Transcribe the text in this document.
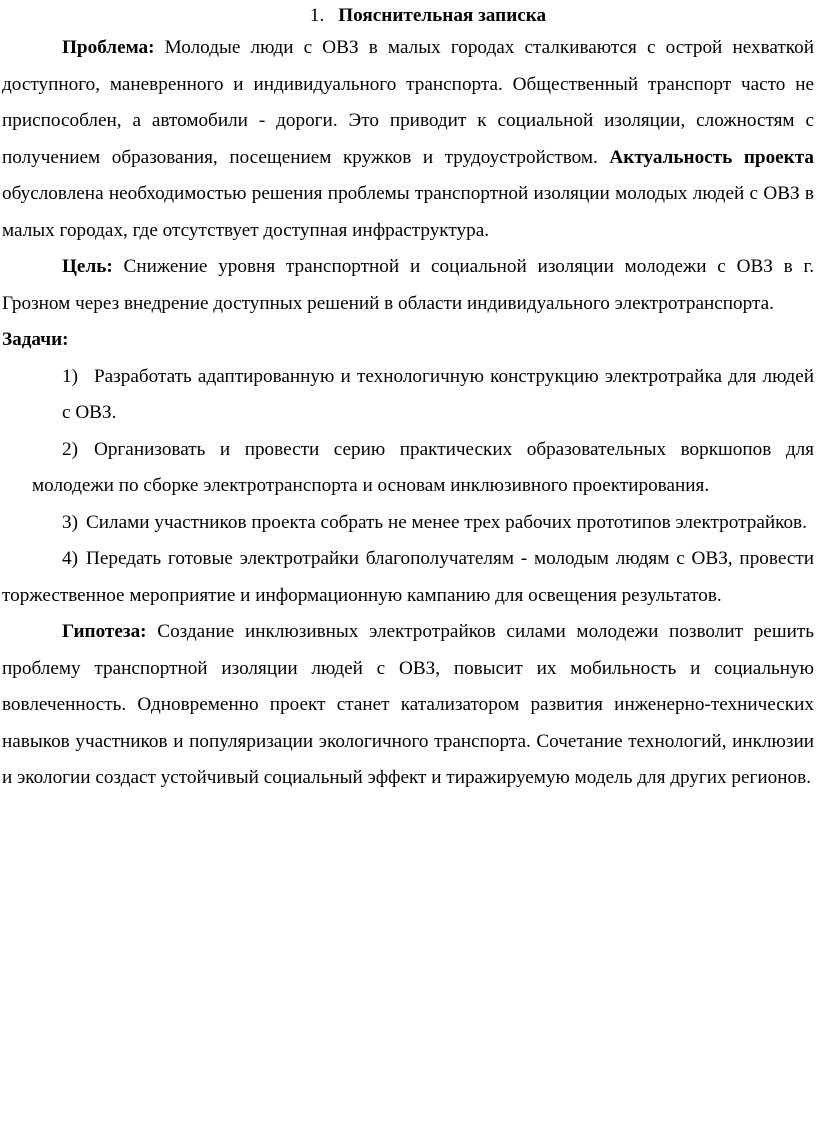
1. Пояснительная записка

Проблема: Молодые люди с ОВЗ в малых городах сталкиваются с острой нехваткой доступного, маневренного и индивидуального транспорта. Общественный транспорт часто не приспособлен, а автомобили - дороги. Это приводит к социальной изоляции, сложностям с получением образования, посещением кружков и трудоустройством. Актуальность проекта обусловлена необходимостью решения проблемы транспортной изоляции молодых людей с ОВЗ в малых городах, где отсутствует доступная инфраструктура.

Цель: Снижение уровня транспортной и социальной изоляции молодежи с ОВЗ в г. Грозном через внедрение доступных решений в области индивидуального электротранспорта.

Задачи:

1) Разработать адаптированную и технологичную конструкцию электротрайка для людей с ОВЗ.

2) Организовать и провести серию практических образовательных воркшопов для молодежи по сборке электротранспорта и основам инклюзивного проектирования.

3) Силами участников проекта собрать не менее трех рабочих прототипов электротрайков.

4) Передать готовые электротрайки благополучателям - молодым людям с ОВЗ, провести торжественное мероприятие и информационную кампанию для освещения результатов.

Гипотеза: Создание инклюзивных электротрайков силами молодежи позволит решить проблему транспортной изоляции людей с ОВЗ, повысит их мобильность и социальную вовлеченность. Одновременно проект станет катализатором развития инженерно-технических навыков участников и популяризации экологичного транспорта. Сочетание технологий, инклюзии и экологии создаст устойчивый социальный эффект и тиражируемую модель для других регионов.
